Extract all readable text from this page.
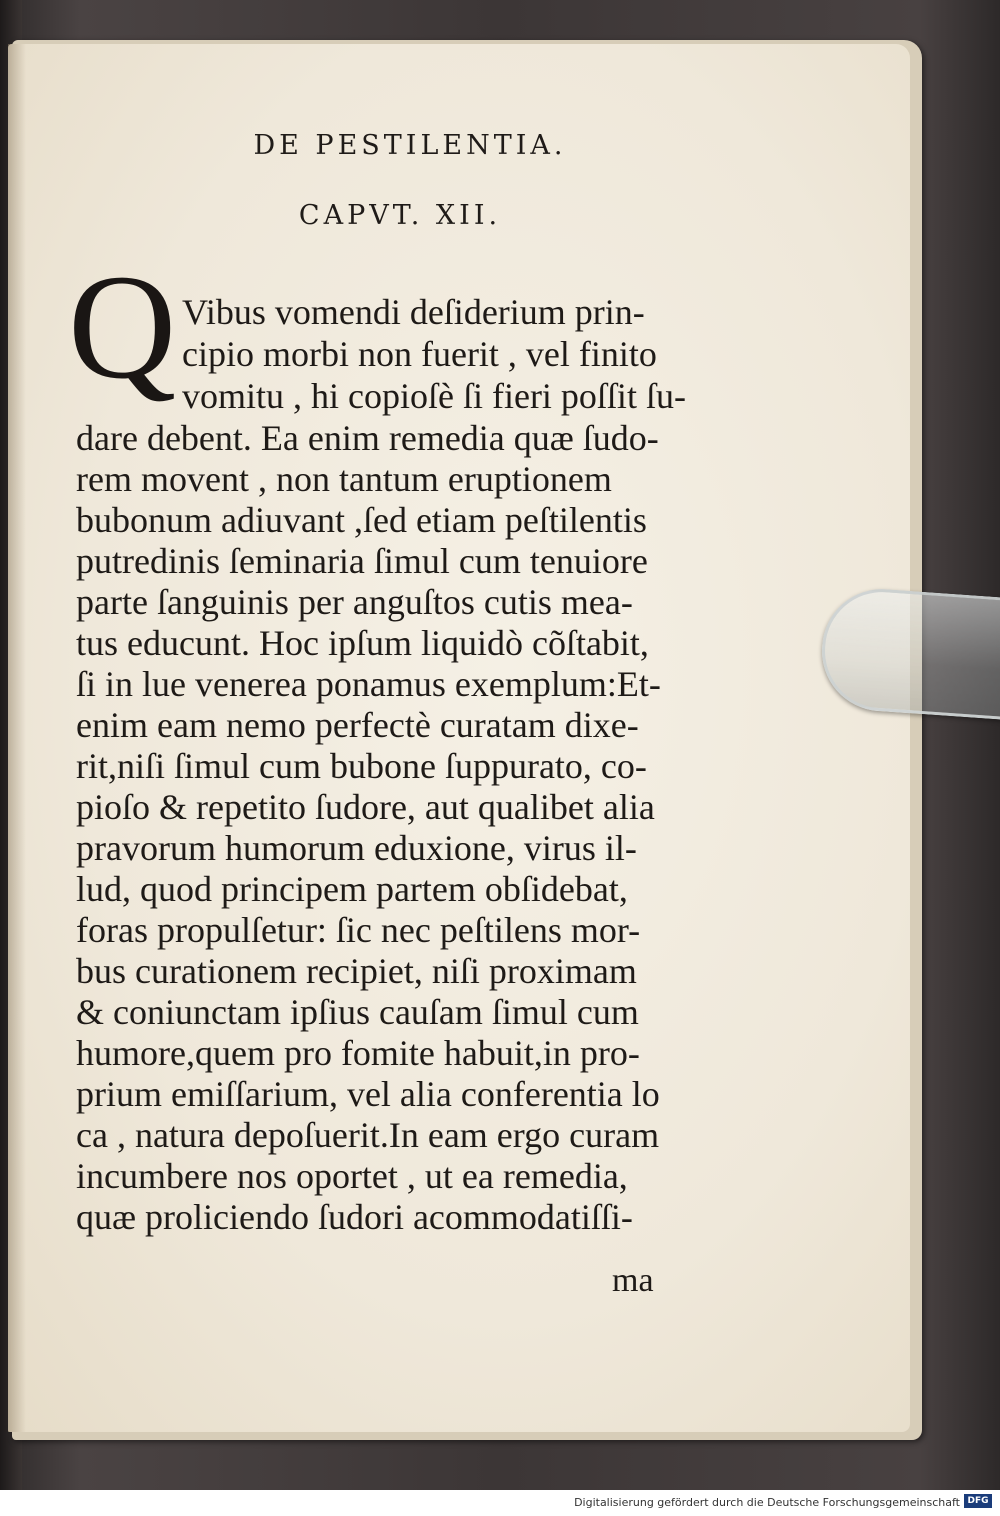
DE PESTILENTIA.
CAPVT. XII.
Q Vibus vomendi deſiderium prin-
cipio morbi non fuerit , vel finito
vomitu , hi copioſè ſi fieri poſſit ſu-
dare debent. Ea enim remedia quæ ſudo-
rem movent , non tantum eruptionem
bubonum adiuvant ,ſed etiam peſtilentis
putredinis ſeminaria ſimul cum tenuiore
parte ſanguinis per anguſtos cutis mea-
tus educunt. Hoc ipſum liquidò cõſtabit,
ſi in lue venerea ponamus exemplum:Et-
enim eam nemo perfectè curatam dixe-
rit,niſi ſimul cum bubone ſuppurato, co-
pioſo & repetito ſudore, aut qualibet alia
pravorum humorum eduxione, virus il-
lud, quod principem partem obſidebat,
foras propulſetur: ſic nec peſtilens mor-
bus curationem recipiet, niſi proximam
& coniunctam ipſius cauſam ſimul cum
humore,quem pro fomite habuit,in pro-
prium emiſſarium, vel alia conferentia lo
ca , natura depoſuerit.In eam ergo curam
incumbere nos oportet , ut ea remedia,
quæ proliciendo ſudori acommodatiſſi-
ma
Digitalisierung gefördert durch die Deutsche Forschungsgemeinschaft DFG
